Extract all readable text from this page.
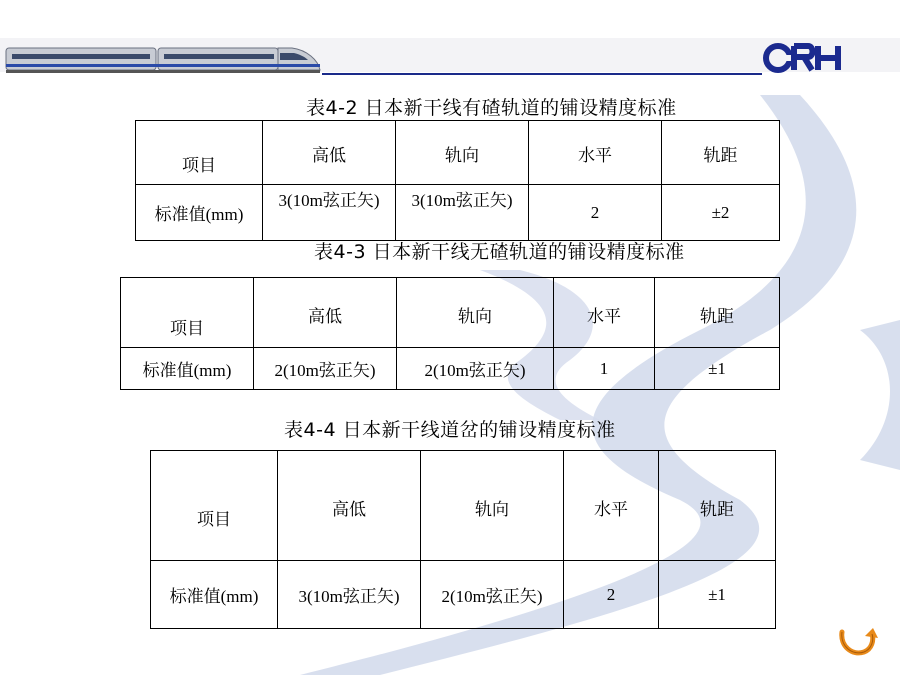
表4-2 日本新干线有碴轨道的铺设精度标准
项目	高低	轨向	水平	轨距
标准值(mm)	3(10m弦正矢)	3(10m弦正矢)	2	±2
表4-3 日本新干线无碴轨道的铺设精度标准
项目	高低	轨向	水平	轨距
标准值(mm)	2(10m弦正矢)	2(10m弦正矢)	1	±1
表4-4 日本新干线道岔的铺设精度标准
项目	高低	轨向	水平	轨距
标准值(mm)	3(10m弦正矢)	2(10m弦正矢)	2	±1
